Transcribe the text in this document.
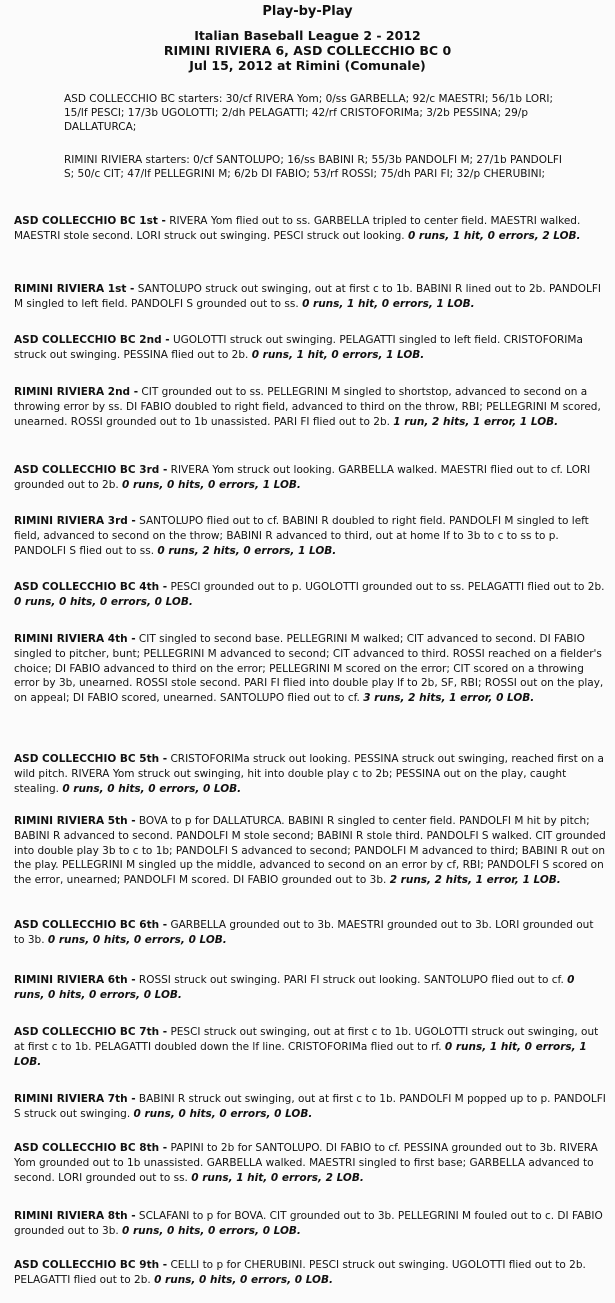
Play-by-Play
Italian Baseball League 2 - 2012
RIMINI RIVIERA 6, ASD COLLECCHIO BC 0
Jul 15, 2012 at Rimini (Comunale)
ASD COLLECCHIO BC starters: 30/cf RIVERA Yom; 0/ss GARBELLA; 92/c MAESTRI; 56/1b LORI; 15/lf PESCI; 17/3b UGOLOTTI; 2/dh PELAGATTI; 42/rf CRISTOFORIMa; 3/2b PESSINA; 29/p DALLATURCA;
RIMINI RIVIERA starters: 0/cf SANTOLUPO; 16/ss BABINI R; 55/3b PANDOLFI M; 27/1b PANDOLFI S; 50/c CIT; 47/lf PELLEGRINI M; 6/2b DI FABIO; 53/rf ROSSI; 75/dh PARI FI; 32/p CHERUBINI;
ASD COLLECCHIO BC 1st - RIVERA Yom flied out to ss. GARBELLA tripled to center field. MAESTRI walked. MAESTRI stole second. LORI struck out swinging. PESCI struck out looking. 0 runs, 1 hit, 0 errors, 2 LOB.
RIMINI RIVIERA 1st - SANTOLUPO struck out swinging, out at first c to 1b. BABINI R lined out to 2b. PANDOLFI M singled to left field. PANDOLFI S grounded out to ss. 0 runs, 1 hit, 0 errors, 1 LOB.
ASD COLLECCHIO BC 2nd - UGOLOTTI struck out swinging. PELAGATTI singled to left field. CRISTOFORIMa struck out swinging. PESSINA flied out to 2b. 0 runs, 1 hit, 0 errors, 1 LOB.
RIMINI RIVIERA 2nd - CIT grounded out to ss. PELLEGRINI M singled to shortstop, advanced to second on a throwing error by ss. DI FABIO doubled to right field, advanced to third on the throw, RBI; PELLEGRINI M scored, unearned. ROSSI grounded out to 1b unassisted. PARI FI flied out to 2b. 1 run, 2 hits, 1 error, 1 LOB.
ASD COLLECCHIO BC 3rd - RIVERA Yom struck out looking. GARBELLA walked. MAESTRI flied out to cf. LORI grounded out to 2b. 0 runs, 0 hits, 0 errors, 1 LOB.
RIMINI RIVIERA 3rd - SANTOLUPO flied out to cf. BABINI R doubled to right field. PANDOLFI M singled to left field, advanced to second on the throw; BABINI R advanced to third, out at home lf to 3b to c to ss to p. PANDOLFI S flied out to ss. 0 runs, 2 hits, 0 errors, 1 LOB.
ASD COLLECCHIO BC 4th - PESCI grounded out to p. UGOLOTTI grounded out to ss. PELAGATTI flied out to 2b. 0 runs, 0 hits, 0 errors, 0 LOB.
RIMINI RIVIERA 4th - CIT singled to second base. PELLEGRINI M walked; CIT advanced to second. DI FABIO singled to pitcher, bunt; PELLEGRINI M advanced to second; CIT advanced to third. ROSSI reached on a fielder's choice; DI FABIO advanced to third on the error; PELLEGRINI M scored on the error; CIT scored on a throwing error by 3b, unearned. ROSSI stole second. PARI FI flied into double play lf to 2b, SF, RBI; ROSSI out on the play, on appeal; DI FABIO scored, unearned. SANTOLUPO flied out to cf. 3 runs, 2 hits, 1 error, 0 LOB.
ASD COLLECCHIO BC 5th - CRISTOFORIMa struck out looking. PESSINA struck out swinging, reached first on a wild pitch. RIVERA Yom struck out swinging, hit into double play c to 2b; PESSINA out on the play, caught stealing. 0 runs, 0 hits, 0 errors, 0 LOB.
RIMINI RIVIERA 5th - BOVA to p for DALLATURCA. BABINI R singled to center field. PANDOLFI M hit by pitch; BABINI R advanced to second. PANDOLFI M stole second; BABINI R stole third. PANDOLFI S walked. CIT grounded into double play 3b to c to 1b; PANDOLFI S advanced to second; PANDOLFI M advanced to third; BABINI R out on the play. PELLEGRINI M singled up the middle, advanced to second on an error by cf, RBI; PANDOLFI S scored on the error, unearned; PANDOLFI M scored. DI FABIO grounded out to 3b. 2 runs, 2 hits, 1 error, 1 LOB.
ASD COLLECCHIO BC 6th - GARBELLA grounded out to 3b. MAESTRI grounded out to 3b. LORI grounded out to 3b. 0 runs, 0 hits, 0 errors, 0 LOB.
RIMINI RIVIERA 6th - ROSSI struck out swinging. PARI FI struck out looking. SANTOLUPO flied out to cf. 0 runs, 0 hits, 0 errors, 0 LOB.
ASD COLLECCHIO BC 7th - PESCI struck out swinging, out at first c to 1b. UGOLOTTI struck out swinging, out at first c to 1b. PELAGATTI doubled down the lf line. CRISTOFORIMa flied out to rf. 0 runs, 1 hit, 0 errors, 1 LOB.
RIMINI RIVIERA 7th - BABINI R struck out swinging, out at first c to 1b. PANDOLFI M popped up to p. PANDOLFI S struck out swinging. 0 runs, 0 hits, 0 errors, 0 LOB.
ASD COLLECCHIO BC 8th - PAPINI to 2b for SANTOLUPO. DI FABIO to cf. PESSINA grounded out to 3b. RIVERA Yom grounded out to 1b unassisted. GARBELLA walked. MAESTRI singled to first base; GARBELLA advanced to second. LORI grounded out to ss. 0 runs, 1 hit, 0 errors, 2 LOB.
RIMINI RIVIERA 8th - SCLAFANI to p for BOVA. CIT grounded out to 3b. PELLEGRINI M fouled out to c. DI FABIO grounded out to 3b. 0 runs, 0 hits, 0 errors, 0 LOB.
ASD COLLECCHIO BC 9th - CELLI to p for CHERUBINI. PESCI struck out swinging. UGOLOTTI flied out to 2b. PELAGATTI flied out to 2b. 0 runs, 0 hits, 0 errors, 0 LOB.
